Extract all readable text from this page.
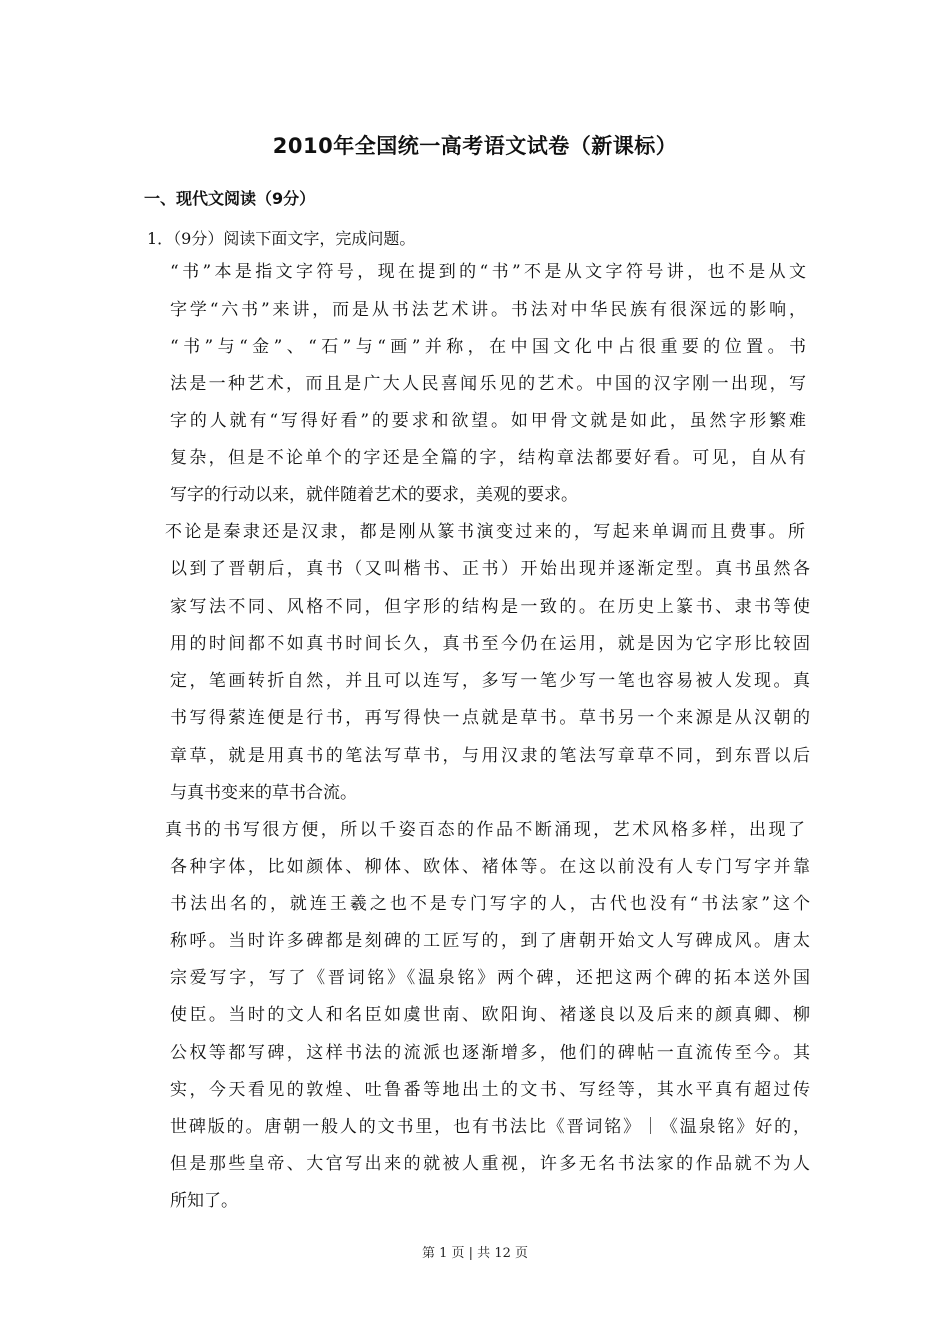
2010年全国统一高考语文试卷（新课标）
一、现代文阅读（9分）
1．（9分）阅读下面文字，完成问题。
“书”本是指文字符号，现在提到的“书”不是从文字符号讲，也不是从文
字学“六书”来讲，而是从书法艺术讲。书法对中华民族有很深远的影响，
“书”与“金”、“石”与“画”并称，在中国文化中占很重要的位置。书
法是一种艺术，而且是广大人民喜闻乐见的艺术。中国的汉字刚一出现，写
字的人就有“写得好看”的要求和欲望。如甲骨文就是如此，虽然字形繁难
复杂，但是不论单个的字还是全篇的字，结构章法都要好看。可见，自从有
写字的行动以来，就伴随着艺术的要求，美观的要求。
不论是秦隶还是汉隶，都是刚从篆书演变过来的，写起来单调而且费事。所
以到了晋朝后，真书（又叫楷书、正书）开始出现并逐渐定型。真书虽然各
家写法不同、风格不同，但字形的结构是一致的。在历史上篆书、隶书等使
用的时间都不如真书时间长久，真书至今仍在运用，就是因为它字形比较固
定，笔画转折自然，并且可以连写，多写一笔少写一笔也容易被人发现。真
书写得萦连便是行书，再写得快一点就是草书。草书另一个来源是从汉朝的
章草，就是用真书的笔法写草书，与用汉隶的笔法写章草不同，到东晋以后
与真书变来的草书合流。
真书的书写很方便，所以千姿百态的作品不断涌现，艺术风格多样，出现了
各种字体，比如颜体、柳体、欧体、褚体等。在这以前没有人专门写字并靠
书法出名的，就连王羲之也不是专门写字的人，古代也没有“书法家”这个
称呼。当时许多碑都是刻碑的工匠写的，到了唐朝开始文人写碑成风。唐太
宗爱写字，写了《晋词铭》《温泉铭》两个碑，还把这两个碑的拓本送外国
使臣。当时的文人和名臣如虞世南、欧阳询、褚遂良以及后来的颜真卿、柳
公权等都写碑，这样书法的流派也逐渐增多，他们的碑帖一直流传至今。其
实，今天看见的敦煌、吐鲁番等地出土的文书、写经等，其水平真有超过传
世碑版的。唐朝一般人的文书里，也有书法比《晋词铭》｜《温泉铭》好的，
但是那些皇帝、大官写出来的就被人重视，许多无名书法家的作品就不为人
所知了。
第 1 页 | 共 12 页
